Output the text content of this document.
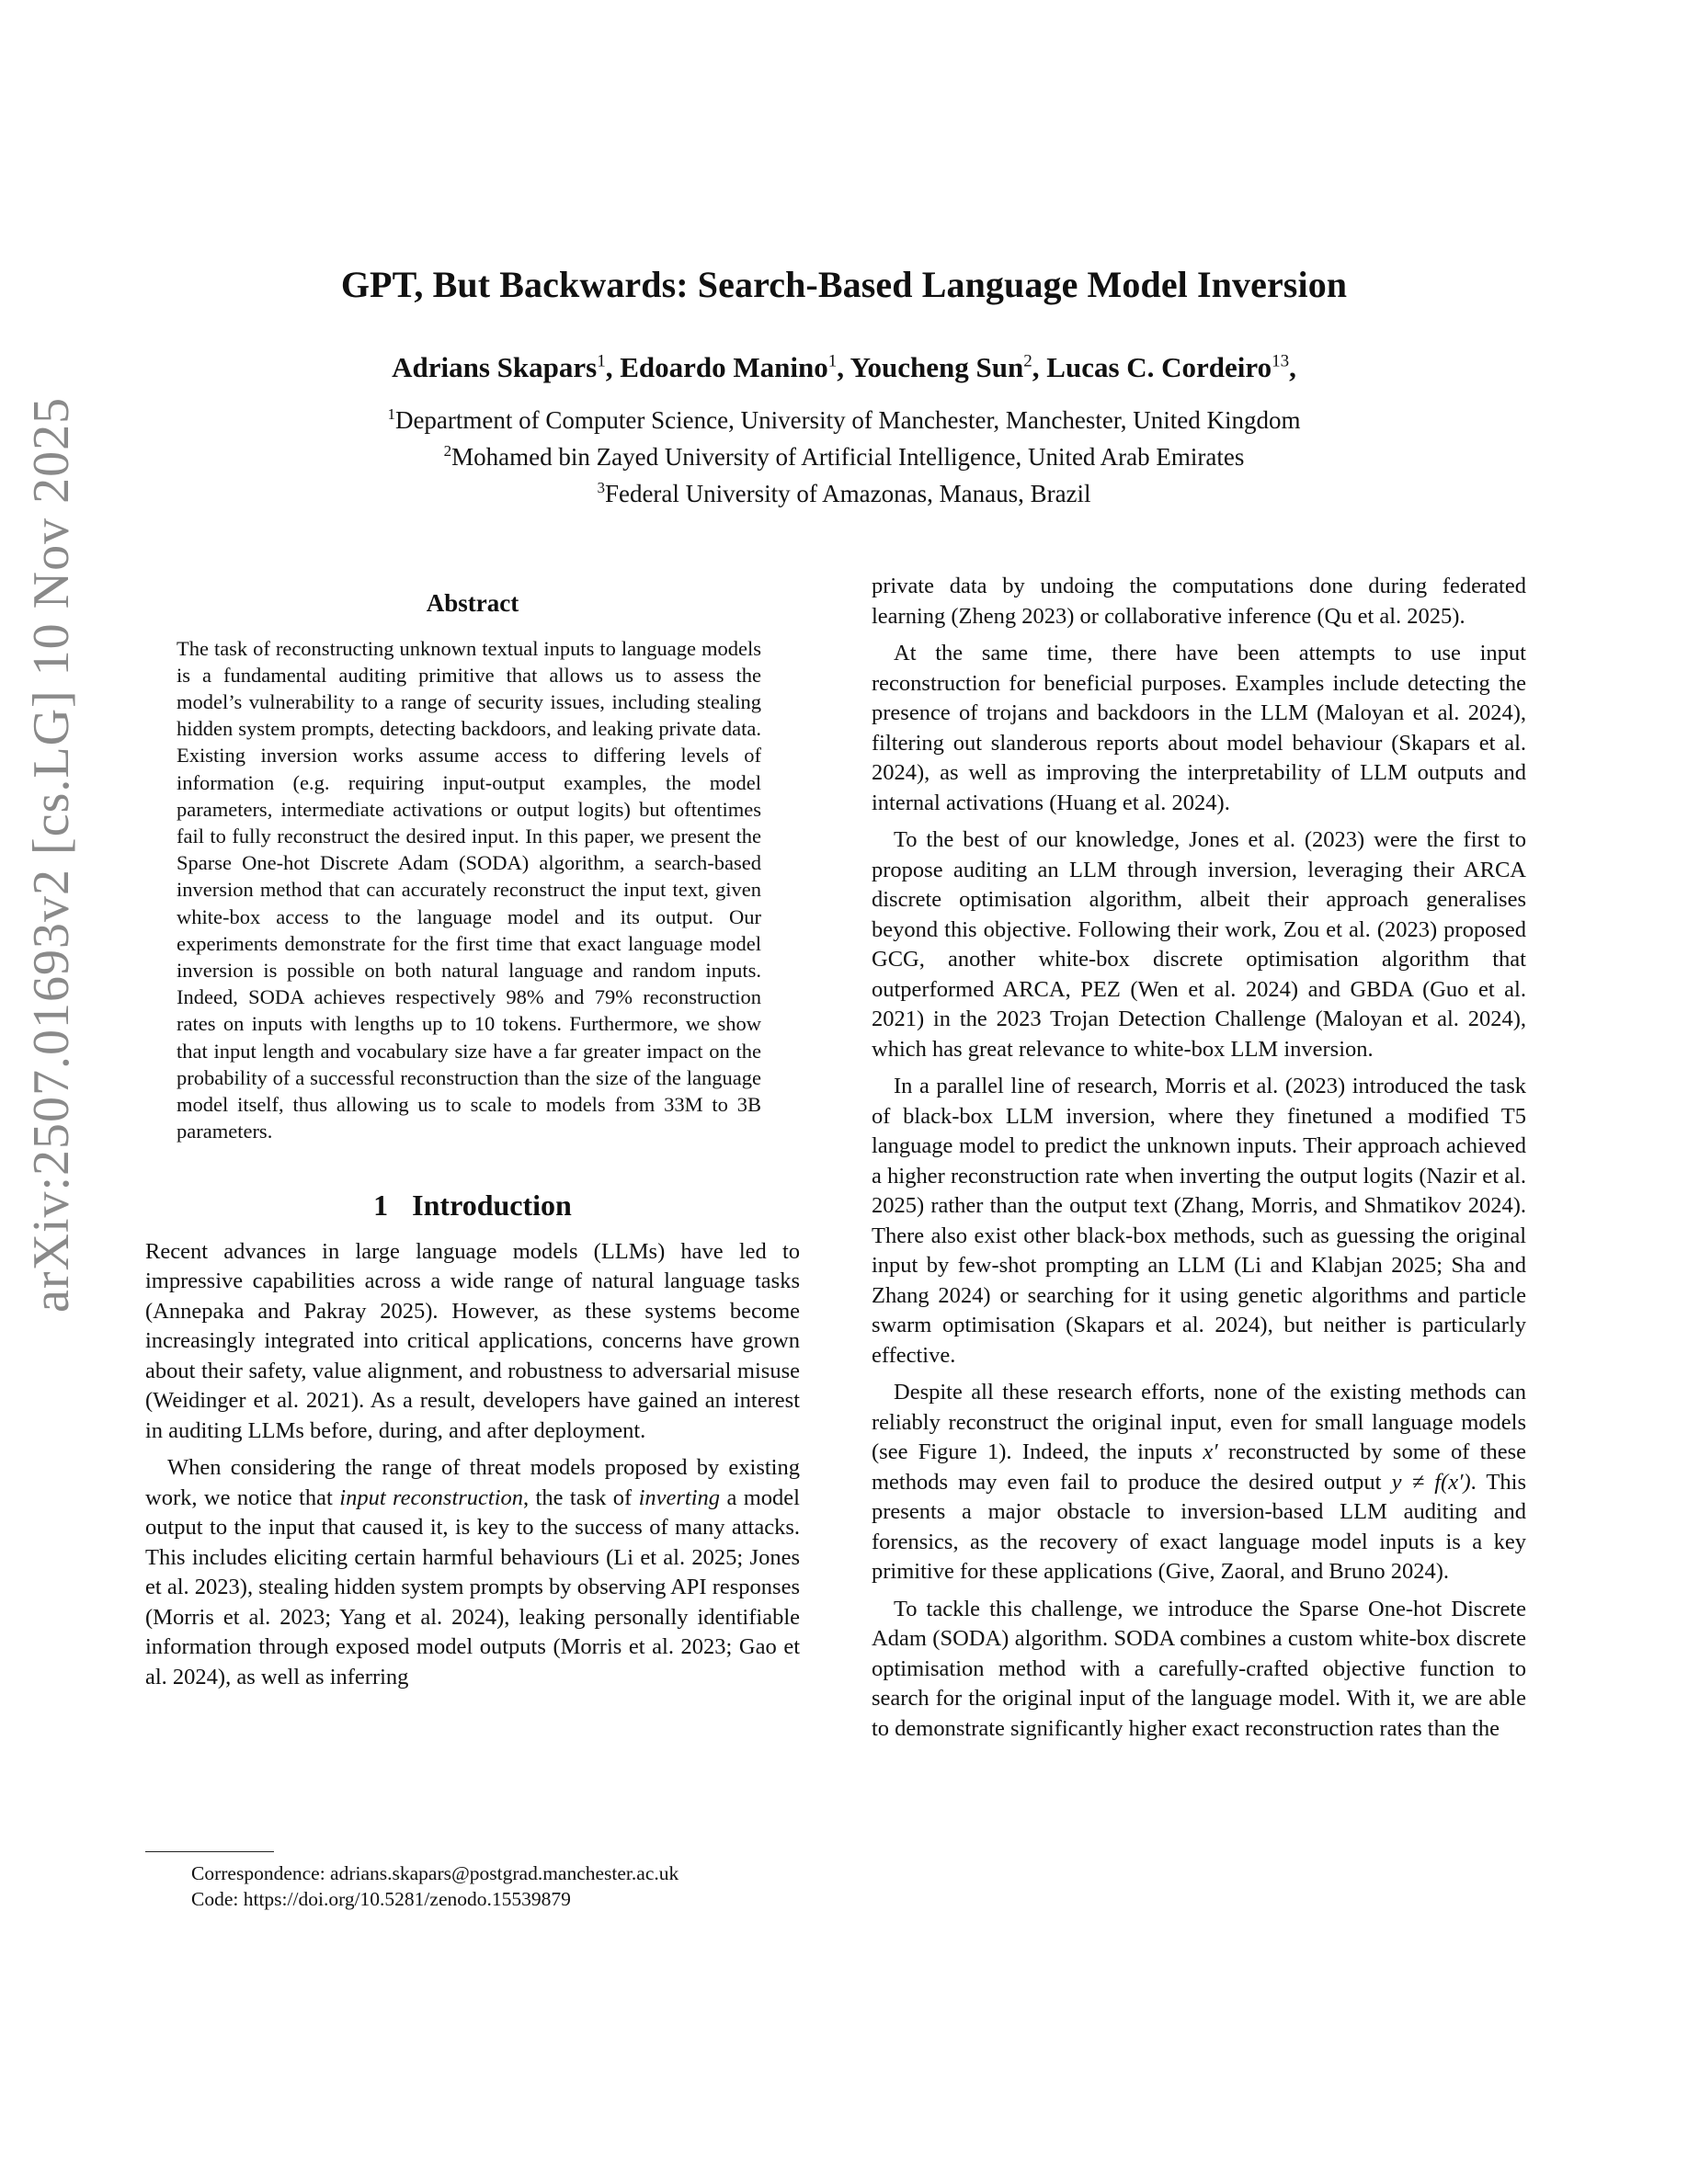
arXiv:2507.01693v2 [cs.LG] 10 Nov 2025
GPT, But Backwards: Search-Based Language Model Inversion
Adrians Skapars$^1$, Edoardo Manino$^1$, Youcheng Sun$^2$, Lucas C. Cordeiro$^{13}$,
$^1$Department of Computer Science, University of Manchester, Manchester, United Kingdom
$^2$Mohamed bin Zayed University of Artificial Intelligence, United Arab Emirates
$^3$Federal University of Amazonas, Manaus, Brazil
Abstract

The task of reconstructing unknown textual inputs to language models is a fundamental auditing primitive that allows us to assess the model’s vulnerability to a range of security issues, including stealing hidden system prompts, detecting backdoors, and leaking private data. Existing inversion works assume access to differing levels of information (e.g. requiring input-output examples, the model parameters, intermediate activations or output logits) but oftentimes fail to fully reconstruct the desired input. In this paper, we present the Sparse One-hot Discrete Adam (SODA) algorithm, a search-based inversion method that can accurately reconstruct the input text, given white-box access to the language model and its output. Our experiments demonstrate for the first time that exact language model inversion is possible on both natural language and random inputs. Indeed, SODA achieves respectively 98% and 79% reconstruction rates on inputs with lengths up to 10 tokens. Furthermore, we show that input length and vocabulary size have a far greater impact on the probability of a successful reconstruction than the size of the language model itself, thus allowing us to scale to models from 33M to 3B parameters.

1 Introduction

Recent advances in large language models (LLMs) have led to impressive capabilities across a wide range of natural language tasks (Annepaka and Pakray 2025). However, as these systems become increasingly integrated into critical applications, concerns have grown about their safety, value alignment, and robustness to adversarial misuse (Weidinger et al. 2021). As a result, developers have gained an interest in auditing LLMs before, during, and after deployment.

When considering the range of threat models proposed by existing work, we notice that input reconstruction, the task of inverting a model output to the input that caused it, is key to the success of many attacks. This includes eliciting certain harmful behaviours (Li et al. 2025; Jones et al. 2023), stealing hidden system prompts by observing API responses (Morris et al. 2023; Yang et al. 2024), leaking personally identifiable information through exposed model outputs (Morris et al. 2023; Gao et al. 2024), as well as inferring

private data by undoing the computations done during federated learning (Zheng 2023) or collaborative inference (Qu et al. 2025).

At the same time, there have been attempts to use input reconstruction for beneficial purposes. Examples include detecting the presence of trojans and backdoors in the LLM (Maloyan et al. 2024), filtering out slanderous reports about model behaviour (Skapars et al. 2024), as well as improving the interpretability of LLM outputs and internal activations (Huang et al. 2024).

To the best of our knowledge, Jones et al. (2023) were the first to propose auditing an LLM through inversion, leveraging their ARCA discrete optimisation algorithm, albeit their approach generalises beyond this objective. Following their work, Zou et al. (2023) proposed GCG, another white-box discrete optimisation algorithm that outperformed ARCA, PEZ (Wen et al. 2024) and GBDA (Guo et al. 2021) in the 2023 Trojan Detection Challenge (Maloyan et al. 2024), which has great relevance to white-box LLM inversion.

In a parallel line of research, Morris et al. (2023) introduced the task of black-box LLM inversion, where they finetuned a modified T5 language model to predict the unknown inputs. Their approach achieved a higher reconstruction rate when inverting the output logits (Nazir et al. 2025) rather than the output text (Zhang, Morris, and Shmatikov 2024). There also exist other black-box methods, such as guessing the original input by few-shot prompting an LLM (Li and Klabjan 2025; Sha and Zhang 2024) or searching for it using genetic algorithms and particle swarm optimisation (Skapars et al. 2024), but neither is particularly effective.

Despite all these research efforts, none of the existing methods can reliably reconstruct the original input, even for small language models (see Figure 1). Indeed, the inputs x′ reconstructed by some of these methods may even fail to produce the desired output y ≠ f(x′). This presents a major obstacle to inversion-based LLM auditing and forensics, as the recovery of exact language model inputs is a key primitive for these applications (Give, Zaoral, and Bruno 2024).

To tackle this challenge, we introduce the Sparse One-hot Discrete Adam (SODA) algorithm. SODA combines a custom white-box discrete optimisation method with a carefully-crafted objective function to search for the original input of the language model. With it, we are able to demonstrate significantly higher exact reconstruction rates than the

Correspondence: adrians.skapars@postgrad.manchester.ac.uk
Code: https://doi.org/10.5281/zenodo.15539879
